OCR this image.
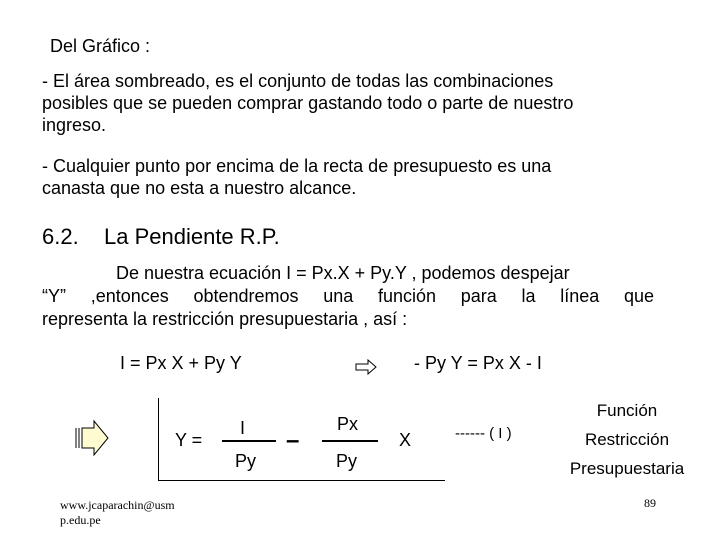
Del Gráfico :
- El área sombreado, es el conjunto de todas las combinaciones
posibles que se pueden comprar gastando todo o parte de nuestro
ingreso.
- Cualquier punto por encima de la recta de presupuesto es una
canasta que no esta a nuestro alcance.
6.2. La Pendiente R.P.
De nuestra ecuación I = Px.X + Py.Y , podemos despejar
“Y” ,entonces obtendremos una función para la línea que
representa la restricción presupuestaria , así :
I = Px X + Py Y	- Py Y = Px X - I
Y =
I
Py
–
Px
Py
X	------ ( I )
Función
Restricción
Presupuestaria
www.jcaparachin@usm
p.edu.pe
89
